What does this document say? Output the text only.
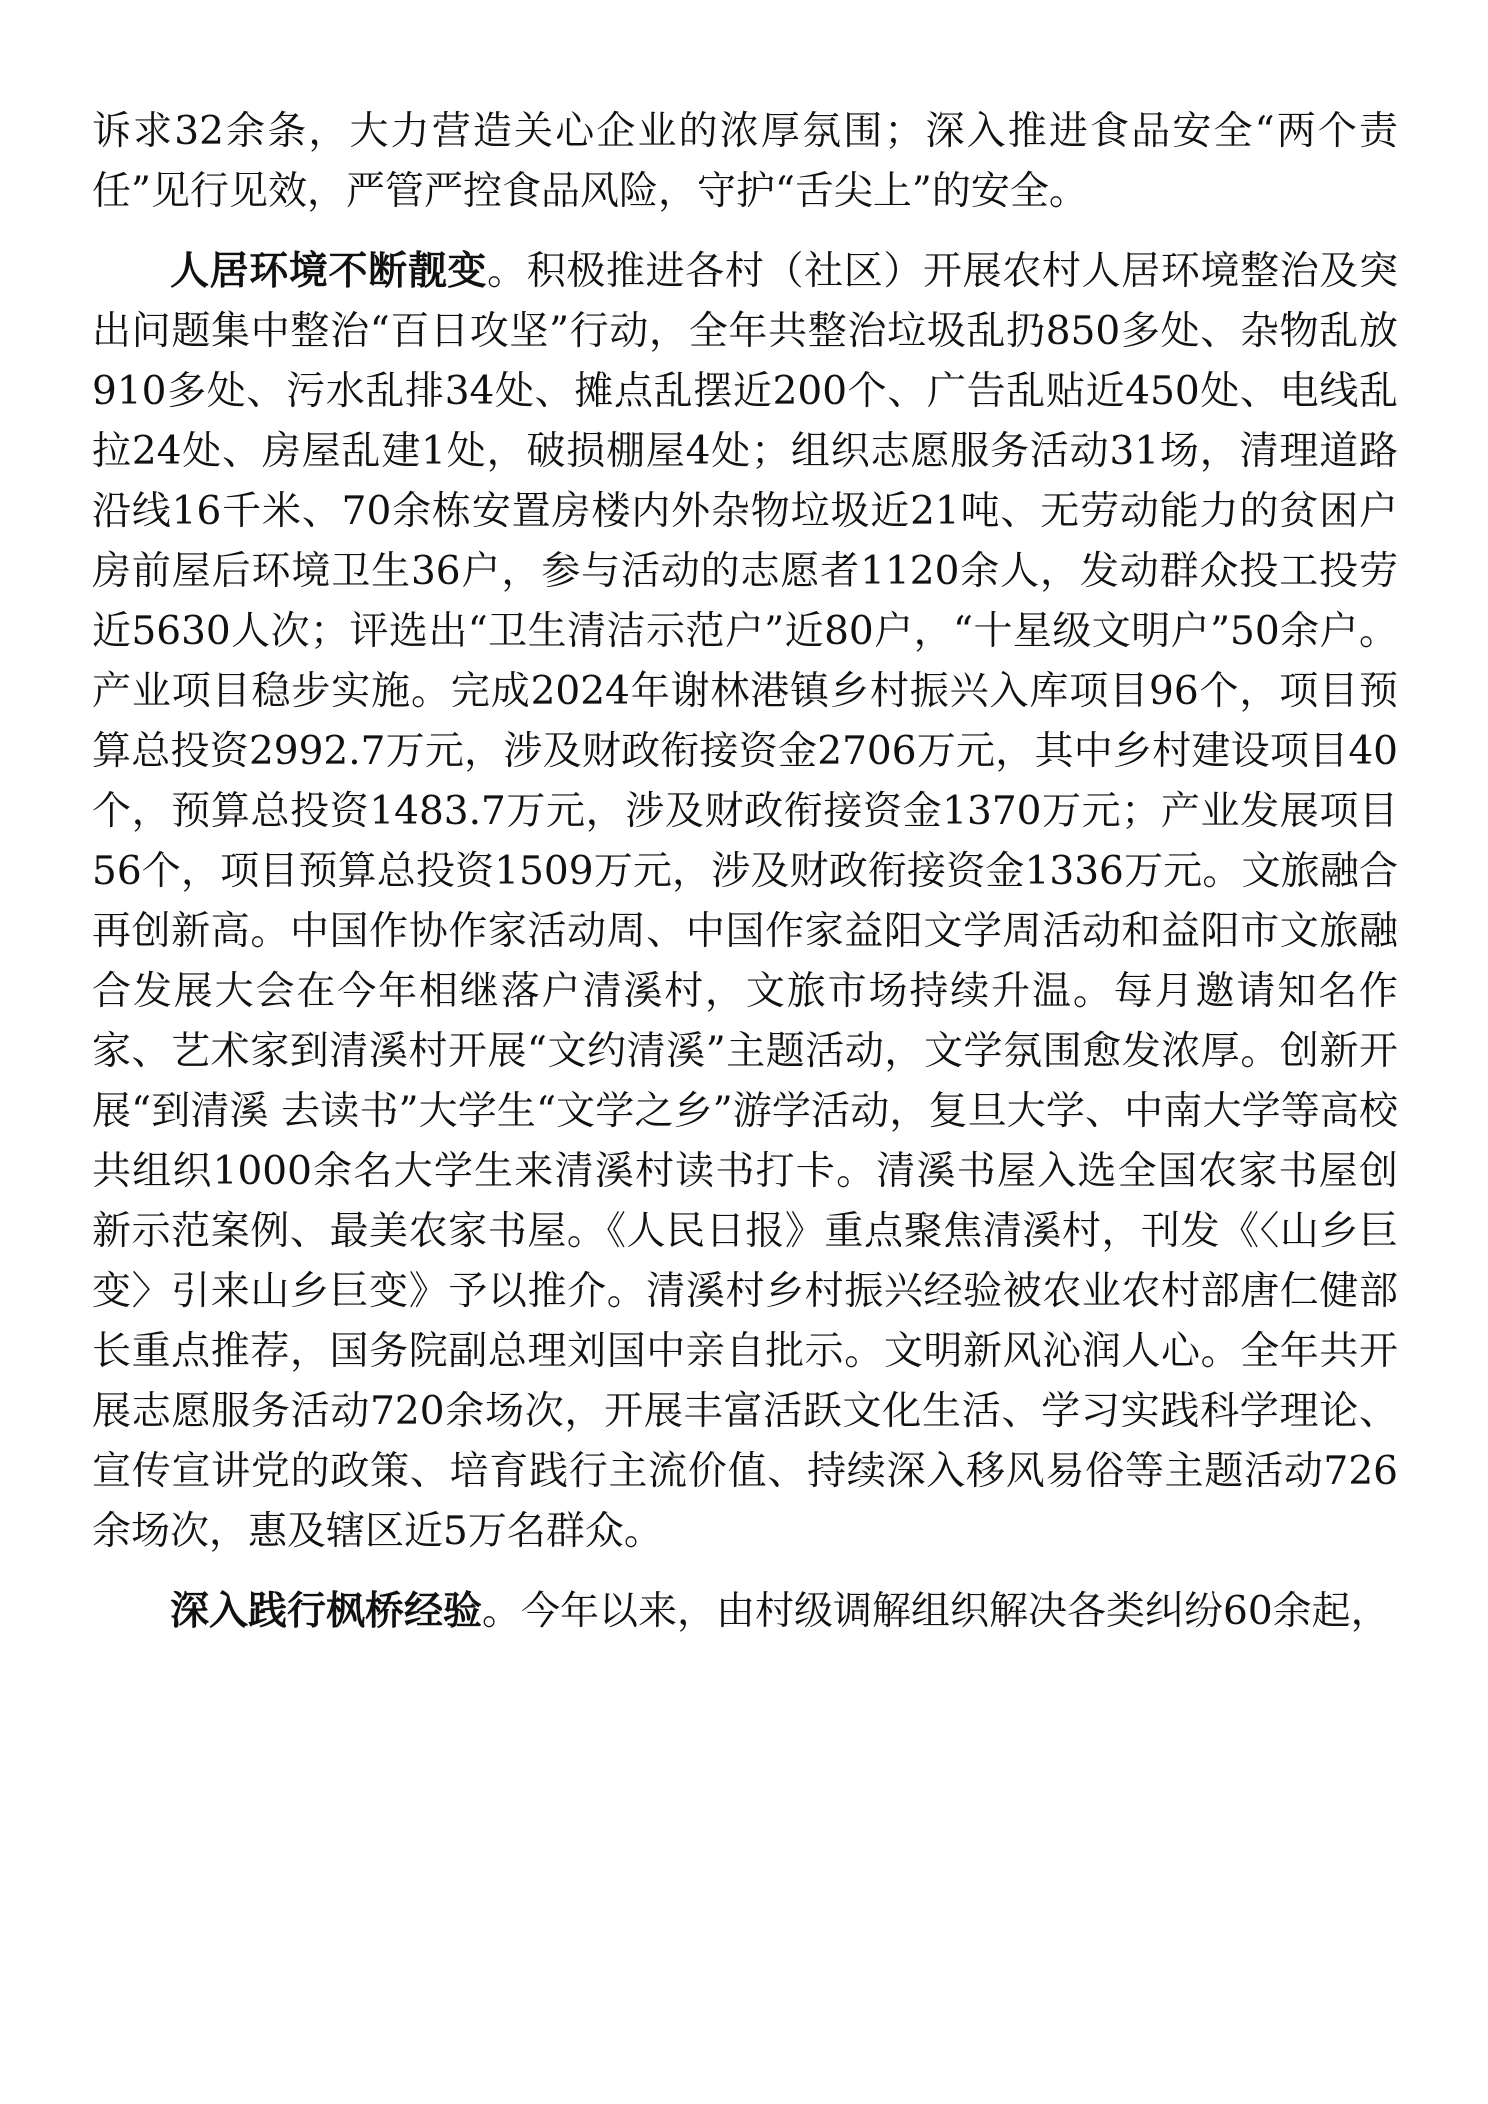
诉求32余条，大力营造关心企业的浓厚氛围；深入推进食品安全“两个责任”见行见效，严管严控食品风险，守护“舌尖上”的安全。

人居环境不断靓变。积极推进各村（社区）开展农村人居环境整治及突出问题集中整治“百日攻坚”行动，全年共整治垃圾乱扔850多处、杂物乱放910多处、污水乱排34处、摊点乱摆近200个、广告乱贴近450处、电线乱拉24处、房屋乱建1处，破损棚屋4处；组织志愿服务活动31场，清理道路沿线16千米、70余栋安置房楼内外杂物垃圾近21吨、无劳动能力的贫困户房前屋后环境卫生36户，参与活动的志愿者1120余人，发动群众投工投劳近5630人次；评选出“卫生清洁示范户”近80户，“十星级文明户”50余户。产业项目稳步实施。完成2024年谢林港镇乡村振兴入库项目96个，项目预算总投资2992.7万元，涉及财政衔接资金2706万元，其中乡村建设项目40个，预算总投资1483.7万元，涉及财政衔接资金1370万元；产业发展项目56个，项目预算总投资1509万元，涉及财政衔接资金1336万元。文旅融合再创新高。中国作协作家活动周、中国作家益阳文学周活动和益阳市文旅融合发展大会在今年相继落户清溪村，文旅市场持续升温。每月邀请知名作家、艺术家到清溪村开展“文约清溪”主题活动，文学氛围愈发浓厚。创新开展“到清溪 去读书”大学生“文学之乡”游学活动，复旦大学、中南大学等高校共组织1000余名大学生来清溪村读书打卡。清溪书屋入选全国农家书屋创新示范案例、最美农家书屋。《人民日报》重点聚焦清溪村，刊发《〈山乡巨变〉引来山乡巨变》予以推介。清溪村乡村振兴经验被农业农村部唐仁健部长重点推荐，国务院副总理刘国中亲自批示。文明新风沁润人心。全年共开展志愿服务活动720余场次，开展丰富活跃文化生活、学习实践科学理论、宣传宣讲党的政策、培育践行主流价值、持续深入移风易俗等主题活动726余场次，惠及辖区近5万名群众。

深入践行枫桥经验。今年以来，由村级调解组织解决各类纠纷60余起，
